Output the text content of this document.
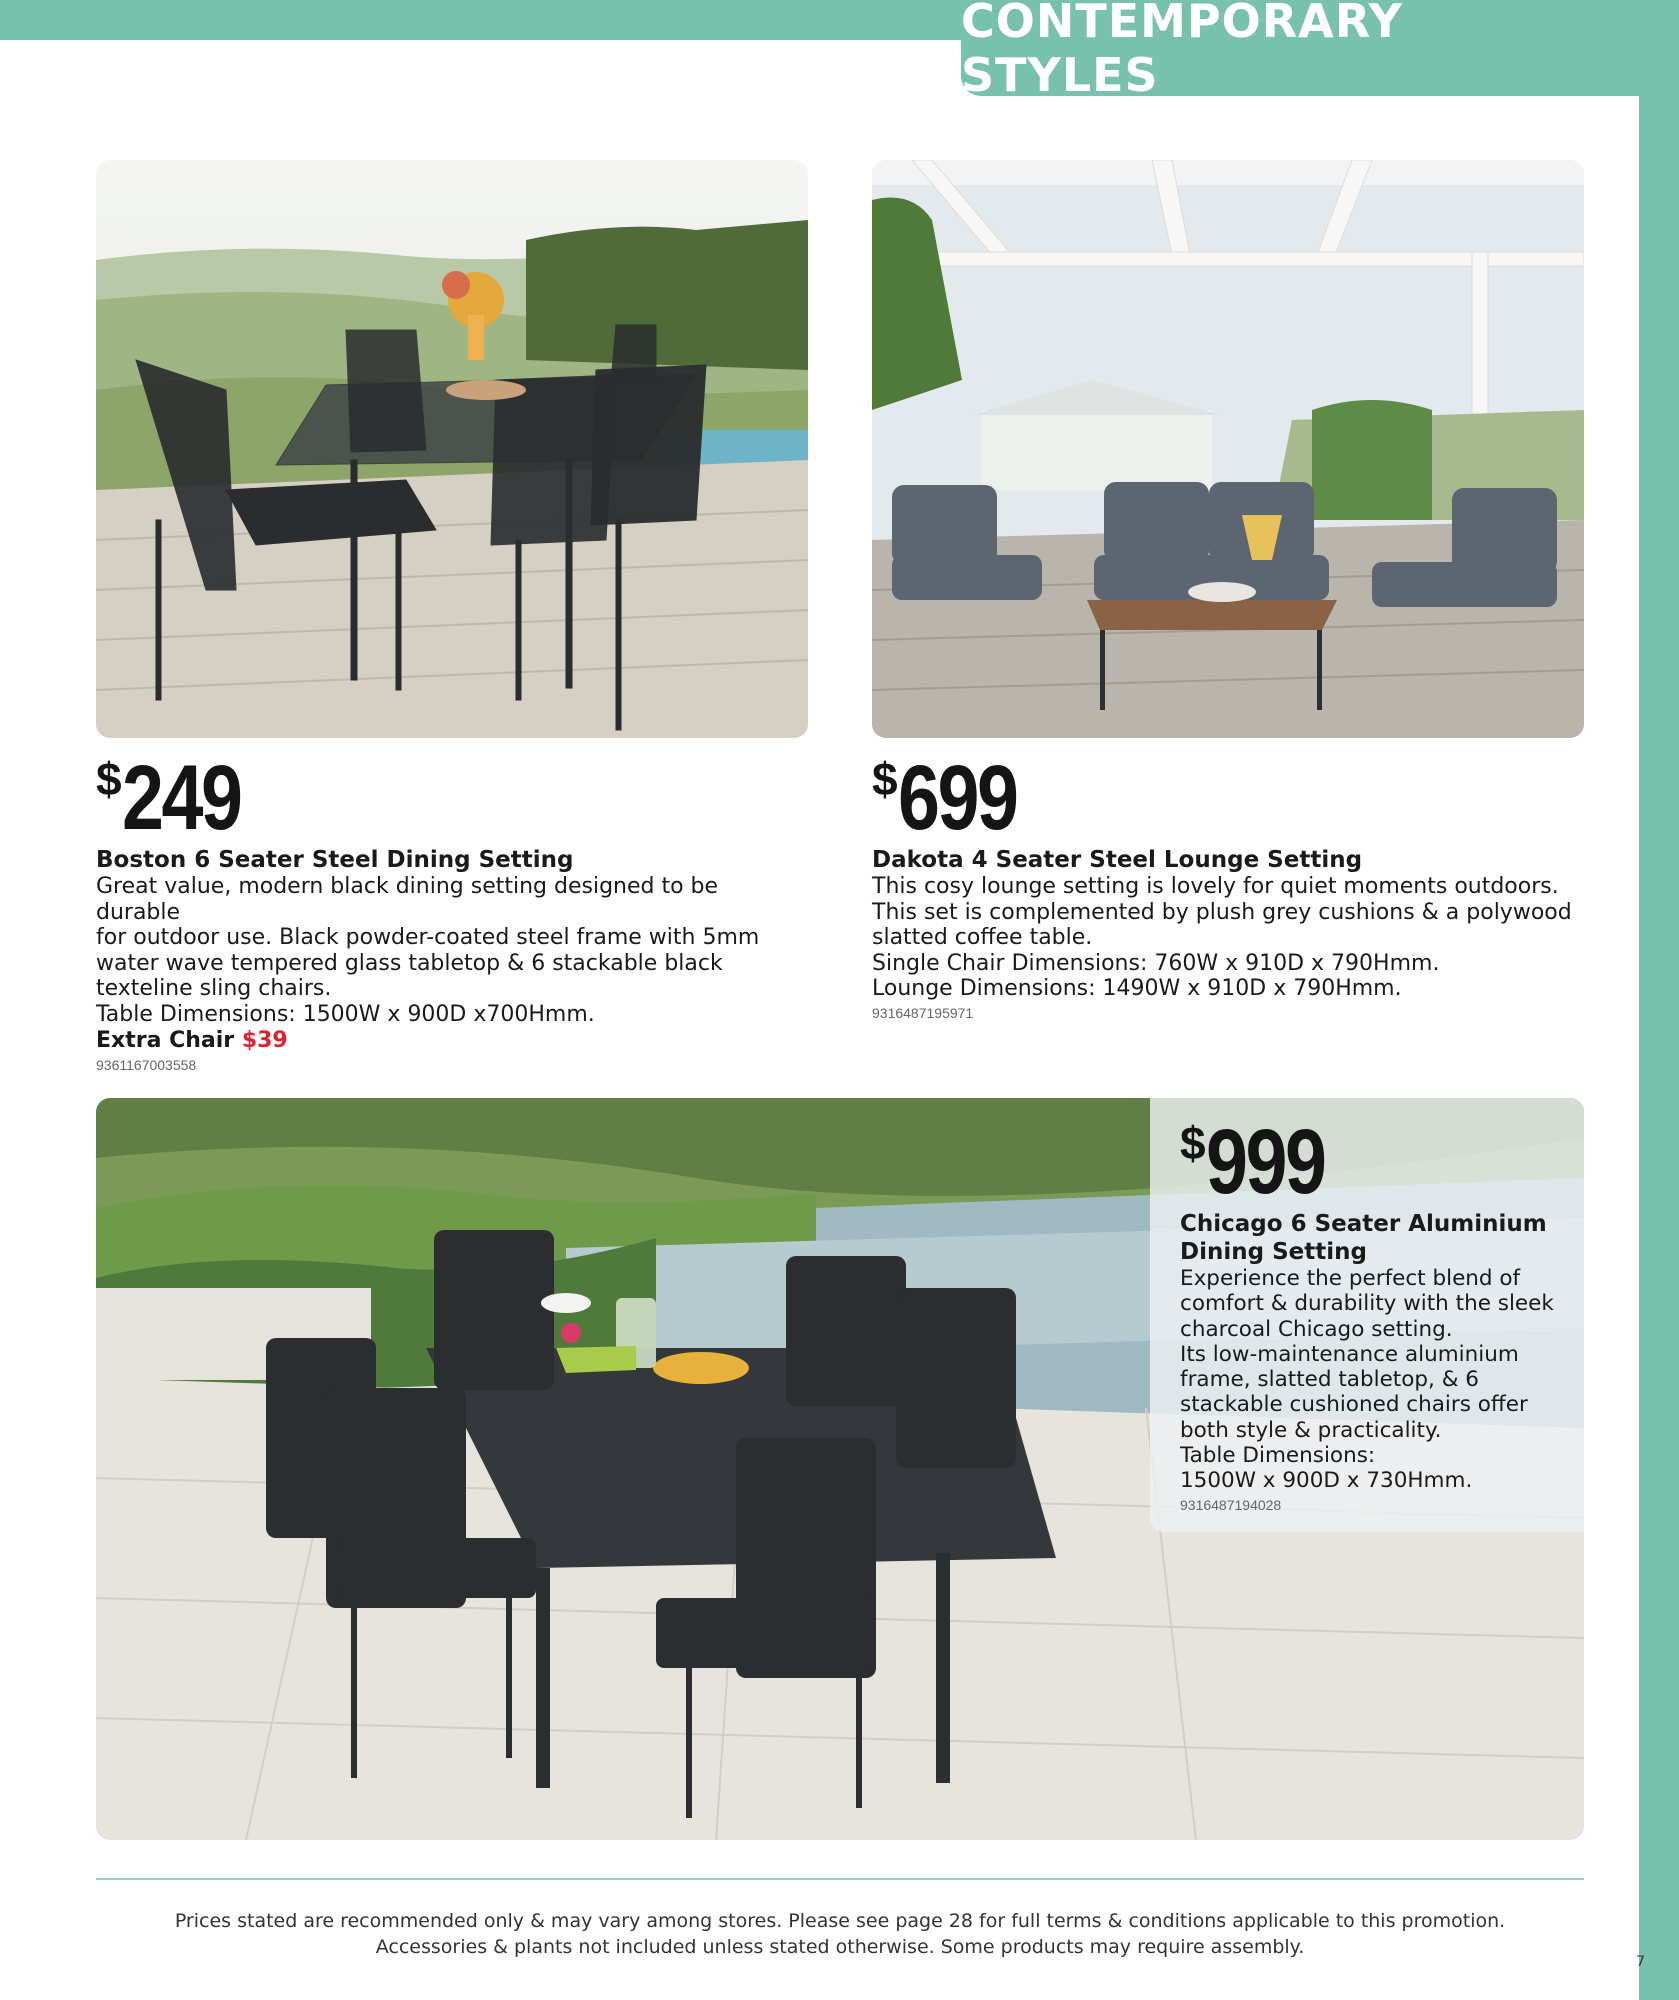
CONTEMPORARY STYLES
$ 249
Boston 6 Seater Steel Dining Setting
Great value, modern black dining setting designed to be durable
for outdoor use. Black powder-coated steel frame with 5mm
water wave tempered glass tabletop & 6 stackable black
texteline sling chairs.
Table Dimensions: 1500W x 900D x700Hmm.
Extra Chair $39
9361167003558
$ 699
Dakota 4 Seater Steel Lounge Setting
This cosy lounge setting is lovely for quiet moments outdoors.
This set is complemented by plush grey cushions & a polywood
slatted coffee table.
Single Chair Dimensions: 760W x 910D x 790Hmm.
Lounge Dimensions: 1490W x 910D x 790Hmm.
9316487195971
$ 999
Chicago 6 Seater Aluminium
Dining Setting
Experience the perfect blend of
comfort & durability with the sleek
charcoal Chicago setting.
Its low-maintenance aluminium
frame, slatted tabletop, & 6
stackable cushioned chairs offer
both style & practicality.
Table Dimensions:
1500W x 900D x 730Hmm.
9316487194028
Prices stated are recommended only & may vary among stores. Please see page 28 for full terms & conditions applicable to this promotion.
Accessories & plants not included unless stated otherwise. Some products may require assembly.
7
